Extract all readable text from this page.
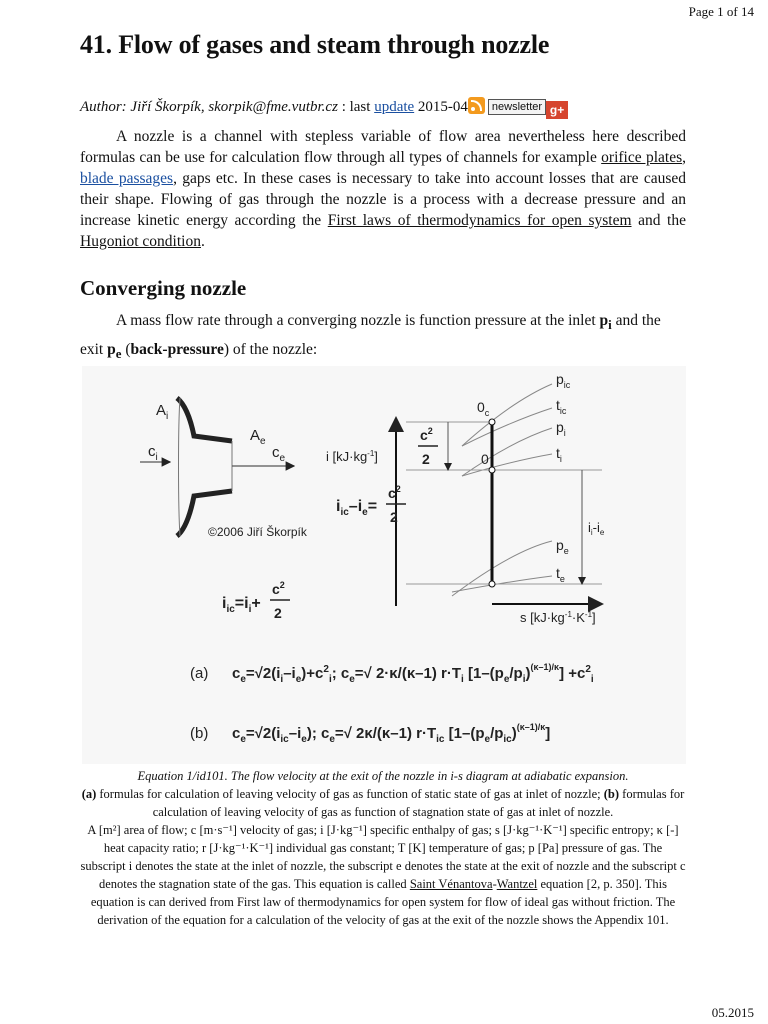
Page 1 of 14
41. Flow of gases and steam through nozzle
Author: Jiří Škorpík, skorpik@fme.vutbr.cz : last update 2015-04 newsletter g+
A nozzle is a channel with stepless variable of flow area nevertheless here described formulas can be use for calculation flow through all types of channels for example orifice plates, blade passages, gaps etc. In these cases is necessary to take into account losses that are caused their shape. Flowing of gas through the nozzle is a process with a decrease pressure and an increase kinetic energy according the First laws of thermodynamics for open system and the Hugoniot condition.
Converging nozzle
A mass flow rate through a converging nozzle is function pressure at the inlet $p_i$ and the exit $p_e$ (back-pressure) of the nozzle:
$A_i$
$c_i$
$A_e$
$c_e$
©2006 Jiří Škorpík
i $[kJ\cdot kg^{-1}]$
s $[kJ\cdot kg^{-1}\cdot K^{-1}]$
$0_c$
0
$p_{ic}$
$t_{ic}$
$p_i$
$t_i$
$p_e$
$t_e$
$i_i-i_e$
$c^2$
2
$i_{ic}-i_e=$
$c^2$
2
$i_{ic}=i_i+$
$c^2$
2
(a) $c_e=√2(i_i-i_e)+c^2_i$; $c_e=√$ 2·κ/(κ–1) $r\cdot T_i$ $[1-(p_e/p_i)^{(\kappa-1)/\kappa}] +c^2_i$
(b) $c_e=√2(i_{ic}-i_e)$; $c_e=√$ 2κ/(κ–1) $r\cdot T_{ic}$ $[1-(p_e/p_{ic})^{(\kappa-1)/\kappa}]$
Equation 1/id101. The flow velocity at the exit of the nozzle in i-s diagram at adiabatic expansion.
(a) formulas for calculation of leaving velocity of gas as function of static state of gas at inlet of nozzle; (b) formulas for calculation of leaving velocity of gas as function of stagnation state of gas at inlet of nozzle.
A [m²] area of flow; c [m·s⁻¹] velocity of gas; i [J·kg⁻¹] specific enthalpy of gas; s [J·kg⁻¹·K⁻¹] specific entropy; κ [-] heat capacity ratio; r [J·kg⁻¹·K⁻¹] individual gas constant; T [K] temperature of gas; p [Pa] pressure of gas. The subscript i denotes the state at the inlet of nozzle, the subscript e denotes the state at the exit of nozzle and the subscript c denotes the stagnation state of the gas. This equation is called Saint Vénantova-Wantzel equation [2, p. 350]. This equation is can derived from First law of thermodynamics for open system for flow of ideal gas without friction. The derivation of the equation for a calculation of the velocity of gas at the exit of the nozzle shows the Appendix 101.
05.2015
